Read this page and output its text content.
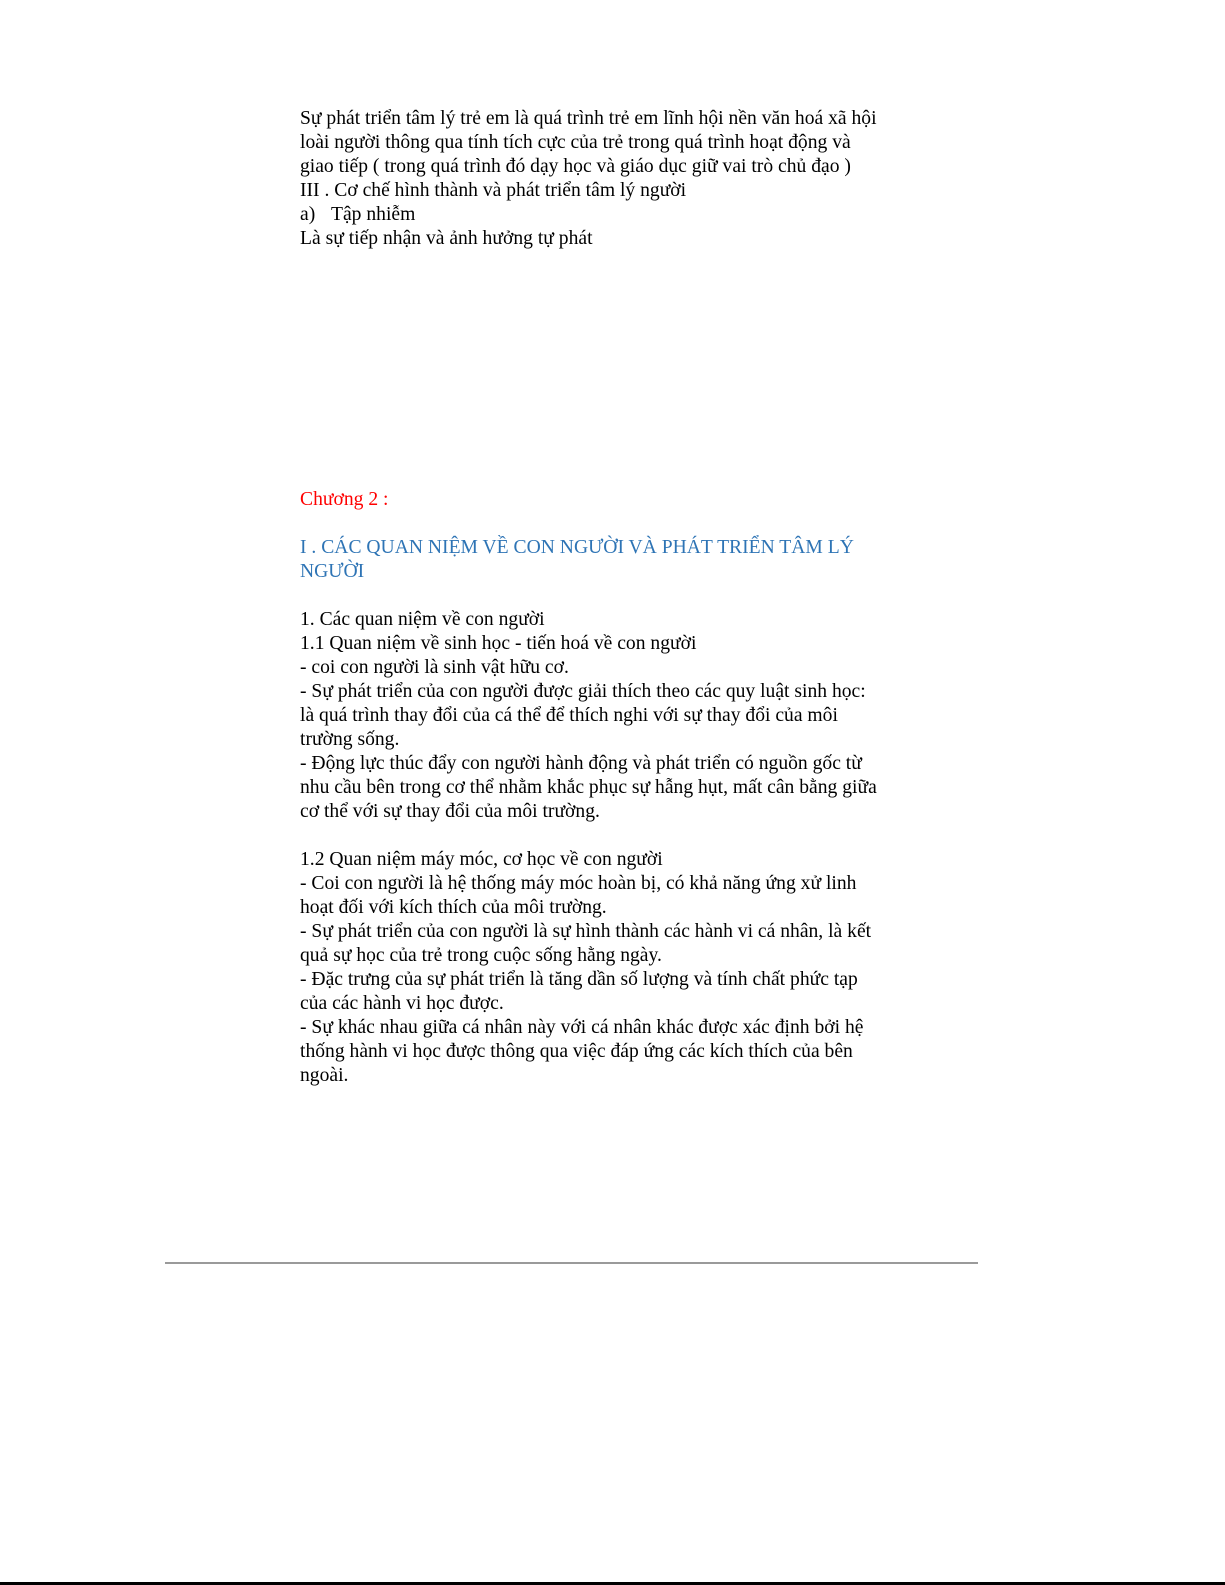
Sự phát triển tâm lý trẻ em là quá trình trẻ em lĩnh hội nền văn hoá xã hội
loài người thông qua tính tích cực của trẻ trong quá trình hoạt động và
giao tiếp ( trong quá trình đó dạy học và giáo dục giữ vai trò chủ đạo )
III . Cơ chế hình thành và phát triển tâm lý người
a) Tập nhiễm
Là sự tiếp nhận và ảnh hưởng tự phát
Chương 2 :
I . CÁC QUAN NIỆM VỀ CON NGƯỜI VÀ PHÁT TRIỂN TÂM LÝ
NGƯỜI
1. Các quan niệm về con người
1.1 Quan niệm về sinh học - tiến hoá về con người
- coi con người là sinh vật hữu cơ.
- Sự phát triển của con người được giải thích theo các quy luật sinh học:
là quá trình thay đổi của cá thể để thích nghi với sự thay đổi của môi
trường sống.
- Động lực thúc đẩy con người hành động và phát triển có nguồn gốc từ
nhu cầu bên trong cơ thể nhằm khắc phục sự hẫng hụt, mất cân bằng giữa
cơ thể với sự thay đổi của môi trường.
1.2 Quan niệm máy móc, cơ học về con người
- Coi con người là hệ thống máy móc hoàn bị, có khả năng ứng xử linh
hoạt đối với kích thích của môi trường.
- Sự phát triển của con người là sự hình thành các hành vi cá nhân, là kết
quả sự học của trẻ trong cuộc sống hằng ngày.
- Đặc trưng của sự phát triển là tăng dần số lượng và tính chất phức tạp
của các hành vi học được.
- Sự khác nhau giữa cá nhân này với cá nhân khác được xác định bởi hệ
thống hành vi học được thông qua việc đáp ứng các kích thích của bên
ngoài.
